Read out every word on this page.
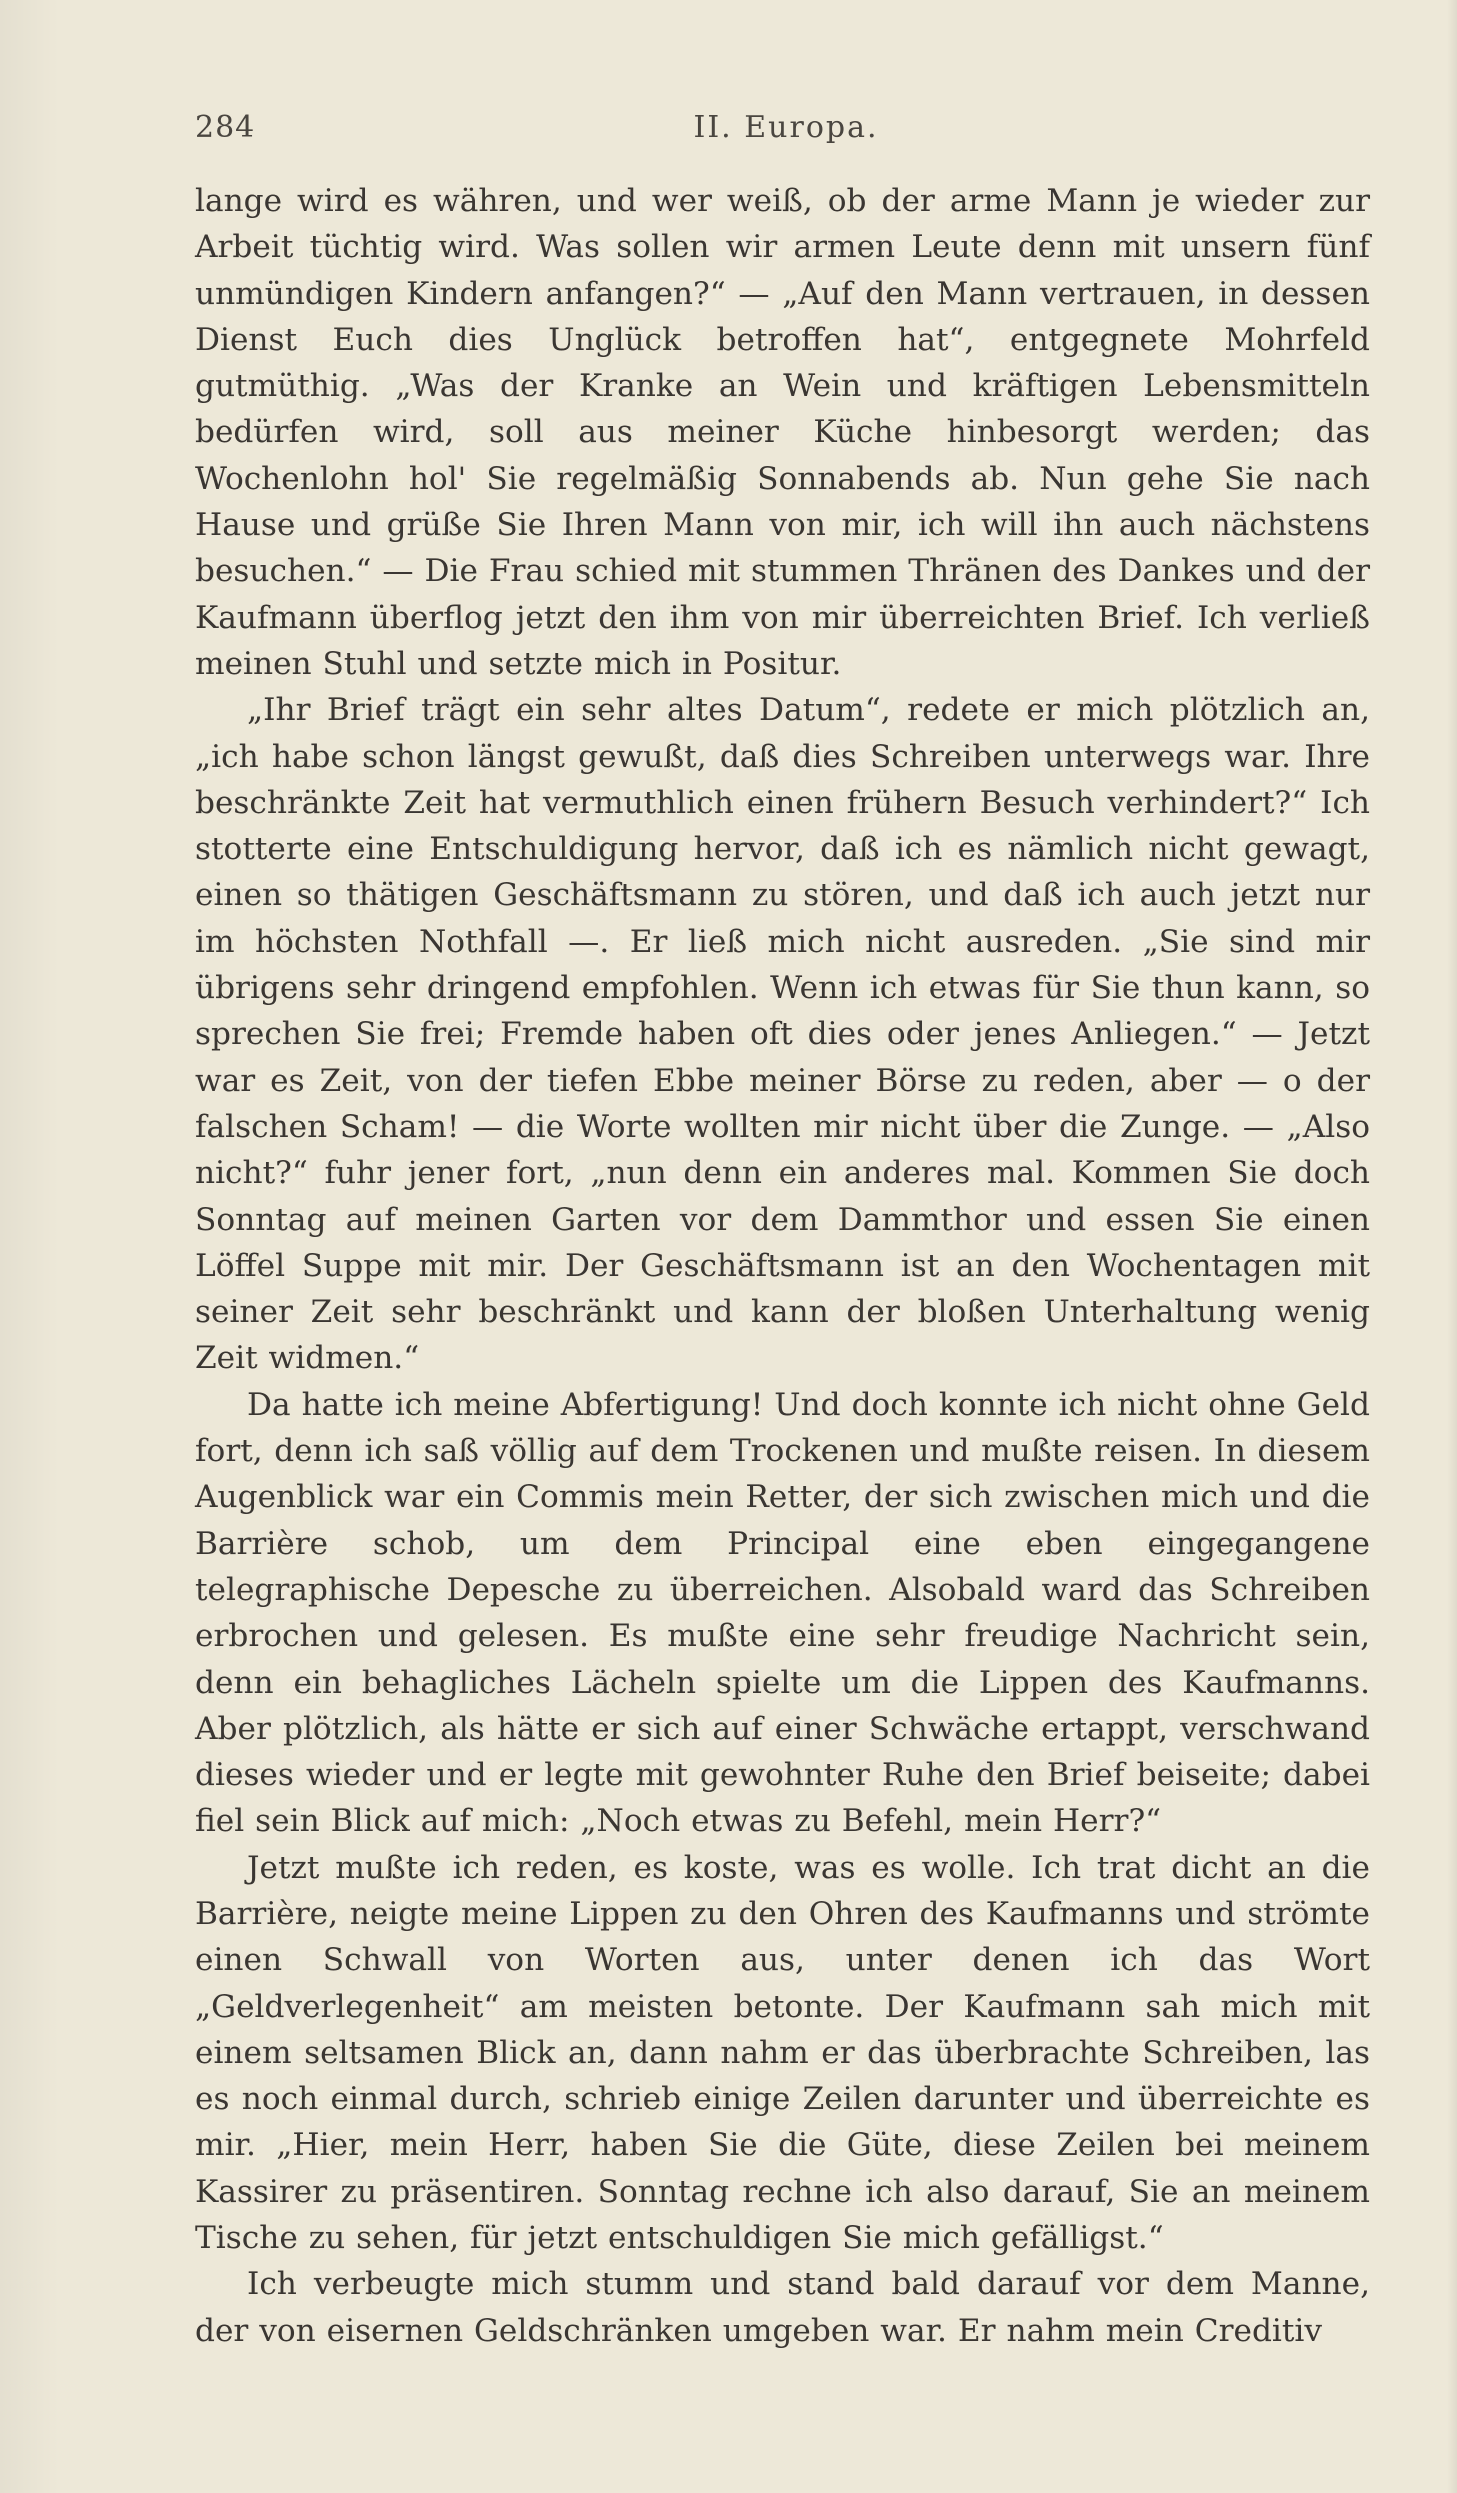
284	II. Europa.

lange wird es währen, und wer weiß, ob der arme Mann je wieder zur Arbeit tüchtig wird. Was sollen wir armen Leute denn mit unsern fünf unmündigen Kindern anfangen?“ — „Auf den Mann vertrauen, in dessen Dienst Euch dies Unglück betroffen hat“, entgegnete Mohrfeld gutmüthig. „Was der Kranke an Wein und kräftigen Lebensmitteln bedürfen wird, soll aus meiner Küche hinbesorgt werden; das Wochenlohn hol' Sie regelmäßig Sonnabends ab. Nun gehe Sie nach Hause und grüße Sie Ihren Mann von mir, ich will ihn auch nächstens besuchen.“ — Die Frau schied mit stummen Thränen des Dankes und der Kaufmann überflog jetzt den ihm von mir überreichten Brief. Ich verließ meinen Stuhl und setzte mich in Positur.

„Ihr Brief trägt ein sehr altes Datum“, redete er mich plötzlich an, „ich habe schon längst gewußt, daß dies Schreiben unterwegs war. Ihre beschränkte Zeit hat vermuthlich einen frühern Besuch verhindert?“ Ich stotterte eine Entschuldigung hervor, daß ich es nämlich nicht gewagt, einen so thätigen Geschäftsmann zu stören, und daß ich auch jetzt nur im höchsten Nothfall —. Er ließ mich nicht ausreden. „Sie sind mir übrigens sehr dringend empfohlen. Wenn ich etwas für Sie thun kann, so sprechen Sie frei; Fremde haben oft dies oder jenes Anliegen.“ — Jetzt war es Zeit, von der tiefen Ebbe meiner Börse zu reden, aber — o der falschen Scham! — die Worte wollten mir nicht über die Zunge. — „Also nicht?“ fuhr jener fort, „nun denn ein anderes mal. Kommen Sie doch Sonntag auf meinen Garten vor dem Dammthor und essen Sie einen Löffel Suppe mit mir. Der Geschäftsmann ist an den Wochentagen mit seiner Zeit sehr beschränkt und kann der bloßen Unterhaltung wenig Zeit widmen.“

Da hatte ich meine Abfertigung! Und doch konnte ich nicht ohne Geld fort, denn ich saß völlig auf dem Trockenen und mußte reisen. In diesem Augenblick war ein Commis mein Retter, der sich zwischen mich und die Barrière schob, um dem Principal eine eben eingegangene telegraphische Depesche zu überreichen. Alsobald ward das Schreiben erbrochen und gelesen. Es mußte eine sehr freudige Nachricht sein, denn ein behagliches Lächeln spielte um die Lippen des Kaufmanns. Aber plötzlich, als hätte er sich auf einer Schwäche ertappt, verschwand dieses wieder und er legte mit gewohnter Ruhe den Brief beiseite; dabei fiel sein Blick auf mich: „Noch etwas zu Befehl, mein Herr?“

Jetzt mußte ich reden, es koste, was es wolle. Ich trat dicht an die Barrière, neigte meine Lippen zu den Ohren des Kaufmanns und strömte einen Schwall von Worten aus, unter denen ich das Wort „Geldverlegenheit“ am meisten betonte. Der Kaufmann sah mich mit einem seltsamen Blick an, dann nahm er das überbrachte Schreiben, las es noch einmal durch, schrieb einige Zeilen darunter und überreichte es mir. „Hier, mein Herr, haben Sie die Güte, diese Zeilen bei meinem Kassirer zu präsentiren. Sonntag rechne ich also darauf, Sie an meinem Tische zu sehen, für jetzt entschuldigen Sie mich gefälligst.“

Ich verbeugte mich stumm und stand bald darauf vor dem Manne, der von eisernen Geldschränken umgeben war. Er nahm mein Creditiv
